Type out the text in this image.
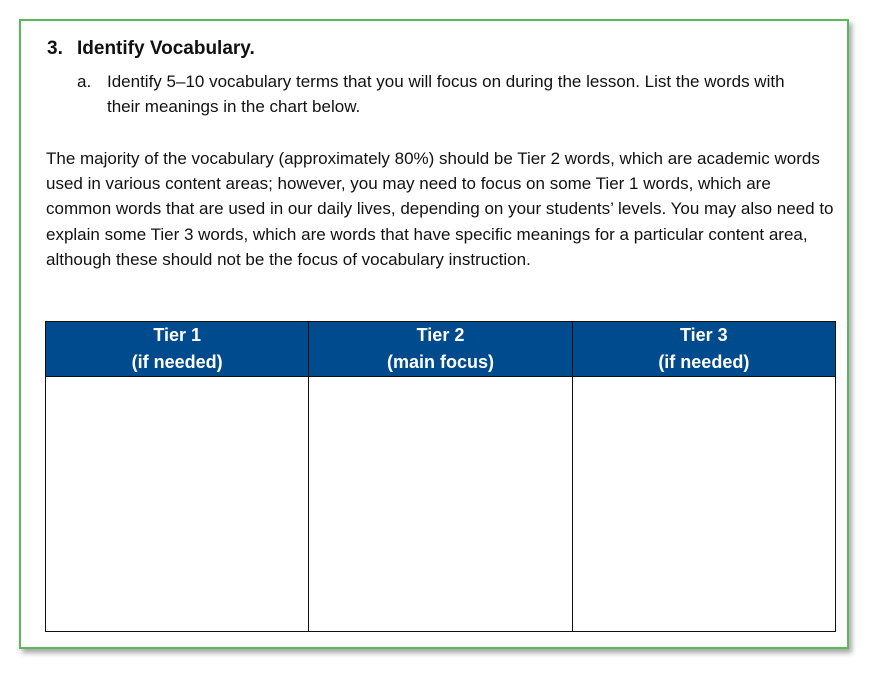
3. Identify Vocabulary.
a. Identify 5–10 vocabulary terms that you will focus on during the lesson. List the words with their meanings in the chart below.

The majority of the vocabulary (approximately 80%) should be Tier 2 words, which are academic words used in various content areas; however, you may need to focus on some Tier 1 words, which are common words that are used in our daily lives, depending on your students’ levels. You may also need to explain some Tier 3 words, which are words that have specific meanings for a particular content area, although these should not be the focus of vocabulary instruction.

Tier 1
(if needed)	Tier 2
(main focus)	Tier 3
(if needed)
